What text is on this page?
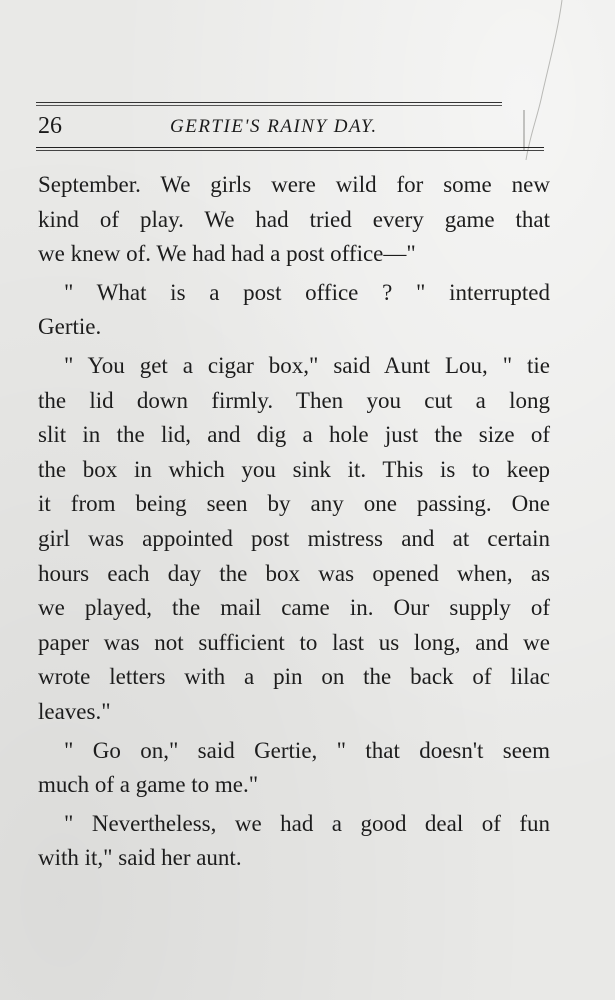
26	GERTIE'S RAINY DAY.
September. We girls were wild for some new
kind of play. We had tried every game that
we knew of. We had had a post office—"
" What is a post office ? " interrupted
Gertie.
" You get a cigar box," said Aunt Lou, " tie
the lid down firmly. Then you cut a long
slit in the lid, and dig a hole just the size of
the box in which you sink it. This is to keep
it from being seen by any one passing. One
girl was appointed post mistress and at certain
hours each day the box was opened when, as
we played, the mail came in. Our supply of
paper was not sufficient to last us long, and we
wrote letters with a pin on the back of lilac
leaves."
" Go on," said Gertie, " that doesn't seem
much of a game to me."
" Nevertheless, we had a good deal of fun
with it," said her aunt.
